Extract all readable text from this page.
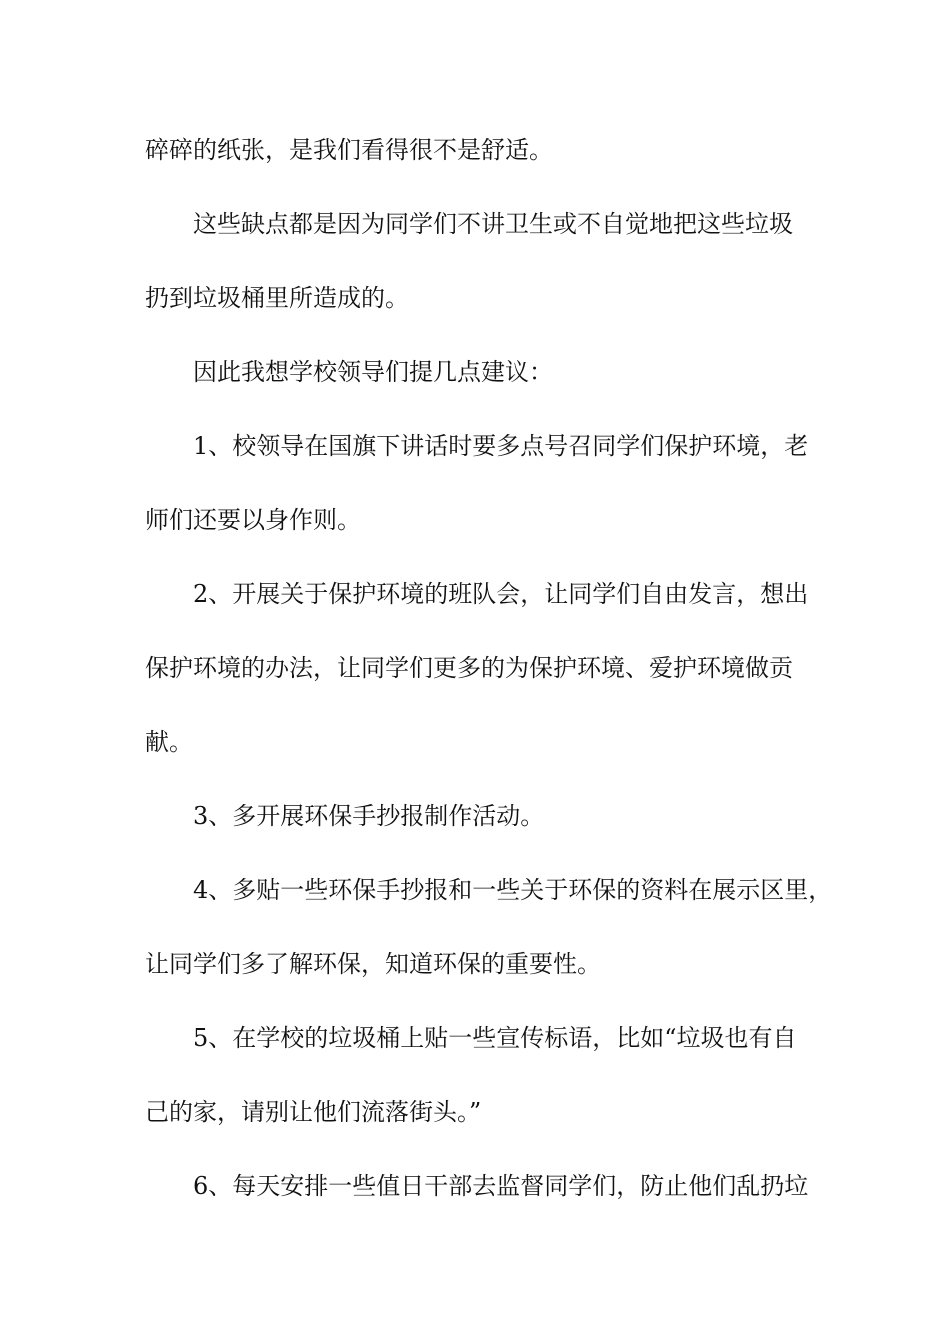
碎碎的纸张，是我们看得很不是舒适。
这些缺点都是因为同学们不讲卫生或不自觉地把这些垃圾
扔到垃圾桶里所造成的。
因此我想学校领导们提几点建议：
1、校领导在国旗下讲话时要多点号召同学们保护环境，老
师们还要以身作则。
2、开展关于保护环境的班队会，让同学们自由发言，想出
保护环境的办法，让同学们更多的为保护环境、爱护环境做贡
献。
3、多开展环保手抄报制作活动。
4、多贴一些环保手抄报和一些关于环保的资料在展示区里，
让同学们多了解环保，知道环保的重要性。
5、在学校的垃圾桶上贴一些宣传标语，比如“垃圾也有自
己的家，请别让他们流落街头。”
6、每天安排一些值日干部去监督同学们，防止他们乱扔垃
